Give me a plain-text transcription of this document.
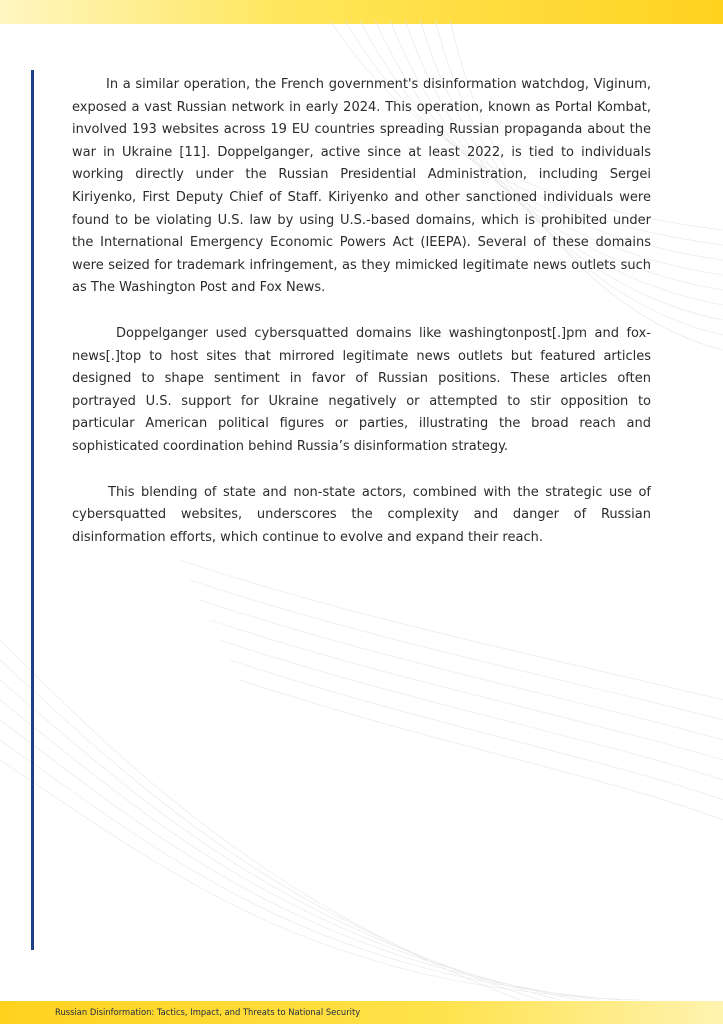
In a similar operation, the French government's disinformation watchdog, Viginum, exposed a vast Russian network in early 2024. This operation, known as Portal Kombat, involved 193 websites across 19 EU countries spreading Russian propaganda about the war in Ukraine [11]. Doppelganger, active since at least 2022, is tied to individuals working directly under the Russian Presidential Administration, including Sergei Kiriyenko, First Deputy Chief of Staff. Kiriyenko and other sanctioned individuals were found to be violating U.S. law by using U.S.-based domains, which is prohibited under the International Emergency Economic Powers Act (IEEPA). Several of these domains were seized for trademark infringement, as they mimicked legitimate news outlets such as The Washington Post and Fox News.

Doppelganger used cybersquatted domains like washingtonpost[.]pm and fox-news[.]top to host sites that mirrored legitimate news outlets but featured articles designed to shape sentiment in favor of Russian positions. These articles often portrayed U.S. support for Ukraine negatively or attempted to stir opposition to particular American political figures or parties, illustrating the broad reach and sophisticated coordination behind Russia’s disinformation strategy.

This blending of state and non-state actors, combined with the strategic use of cybersquatted websites, underscores the complexity and danger of Russian disinformation efforts, which continue to evolve and expand their reach.

Russian Disinformation: Tactics, Impact, and Threats to National Security
